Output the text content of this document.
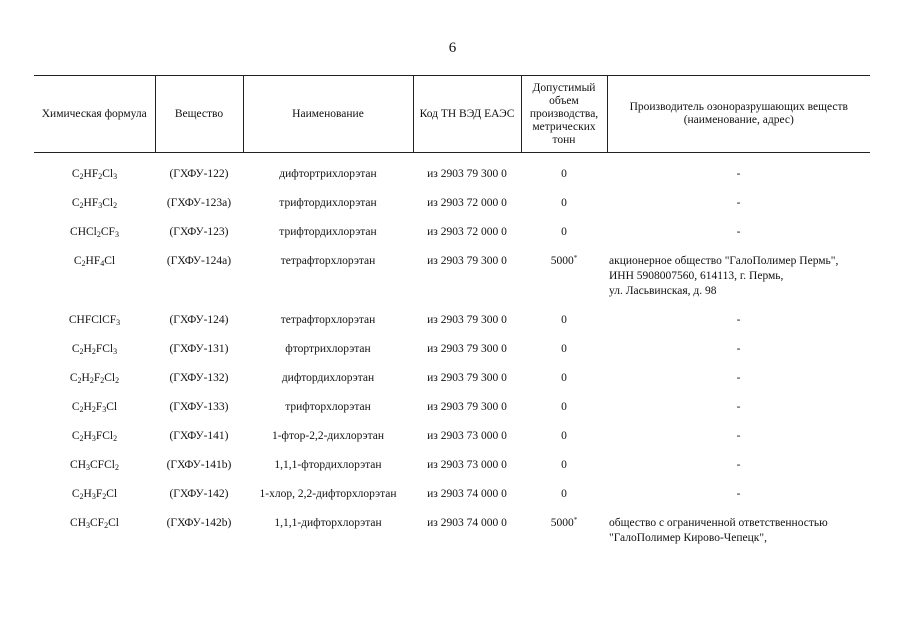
6
Химическая формула	Вещество	Наименование	Код ТН ВЭД ЕАЭС	Допустимый объем производства, метрических тонн	Производитель озоноразрушающих веществ (наименование, адрес)
$C_2HF_2Cl_3$	(ГХФУ-122)	дифтортрихлорэтан	из 2903 79 300 0	0	-
$C_2HF_3Cl_2$	(ГХФУ-123а)	трифтордихлорэтан	из 2903 72 000 0	0	-
$CHCl_2CF_3$	(ГХФУ-123)	трифтордихлорэтан	из 2903 72 000 0	0	-
$C_2HF_4Cl$	(ГХФУ-124а)	тетрафторхлорэтан	из 2903 79 300 0	5000*	акционерное общество "ГалоПолимер Пермь",
ИНН 5908007560, 614113, г. Пермь,
ул. Ласьвинская, д. 98
CHFClCF$_3$	(ГХФУ-124)	тетрафторхлорэтан	из 2903 79 300 0	0	-
$C_2H_2FCl_3$	(ГХФУ-131)	фтортрихлорэтан	из 2903 79 300 0	0	-
$C_2H_2F_2Cl_2$	(ГХФУ-132)	дифтордихлорэтан	из 2903 79 300 0	0	-
$C_2H_2F_3Cl$	(ГХФУ-133)	трифторхлорэтан	из 2903 79 300 0	0	-
$C_2H_3FCl_2$	(ГХФУ-141)	1-фтор-2,2-дихлорэтан	из 2903 73 000 0	0	-
$CH_3CFCl_2$	(ГХФУ-141b)	1,1,1-фтордихлорэтан	из 2903 73 000 0	0	-
$C_2H_3F_2Cl$	(ГХФУ-142)	1-хлор, 2,2-дифторхлорэтан	из 2903 74 000 0	0	-
$CH_3CF_2Cl$	(ГХФУ-142b)	1,1,1-дифторхлорэтан	из 2903 74 000 0	5000*	общество с ограниченной ответственностью
"ГалоПолимер Кирово-Чепецк",
